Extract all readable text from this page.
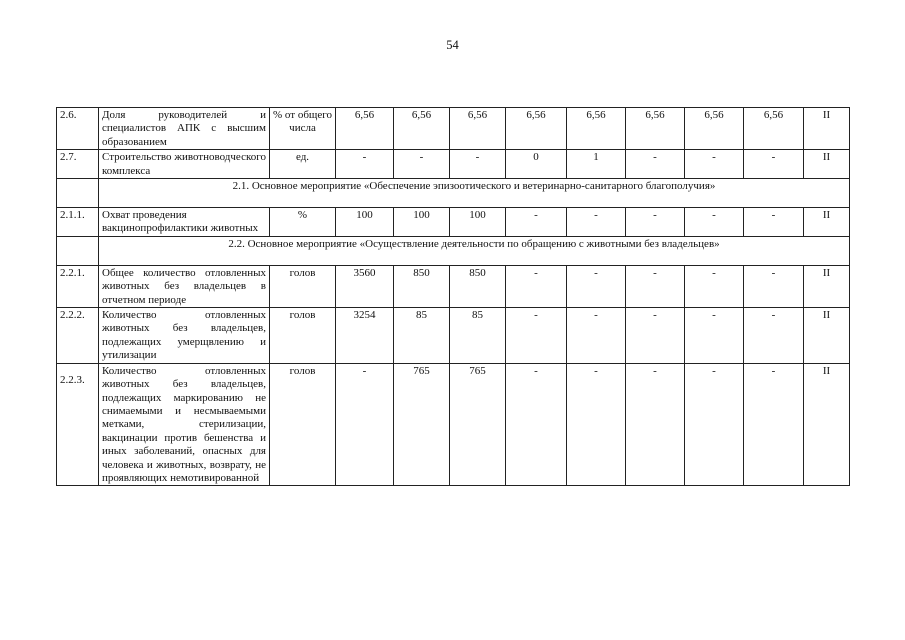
54
2.6.	Доля руководителей и специалистов АПК с высшим образованием	% от общего числа	6,56	6,56	6,56	6,56	6,56	6,56	6,56	6,56	II
2.7.	Строительство животноводческого комплекса	ед.	-	-	-	0	1	-	-	-	II
	2.1. Основное мероприятие «Обеспечение эпизоотического и ветеринарно-санитарного благополучия»										
2.1.1.	Охват проведения вакцинопрофилактики животных	%	100	100	100	-	-	-	-	-	II
	2.2. Основное мероприятие «Осуществление деятельности по обращению с животными без владельцев»										
2.2.1.	Общее количество отловленных животных без владельцев в отчетном периоде	голов	3560	850	850	-	-	-	-	-	II
2.2.2.	Количество отловленных животных без владельцев, подлежащих умерщвлению и утилизации	голов	3254	85	85	-	-	-	-	-	II
2.2.3.	Количество отловленных животных без владельцев, подлежащих маркированию не снимаемыми и несмываемыми метками, стерилизации, вакцинации против бешенства и иных заболеваний, опасных для человека и животных, возврату, не проявляющих немотивированной	голов	-	765	765	-	-	-	-	-	II
